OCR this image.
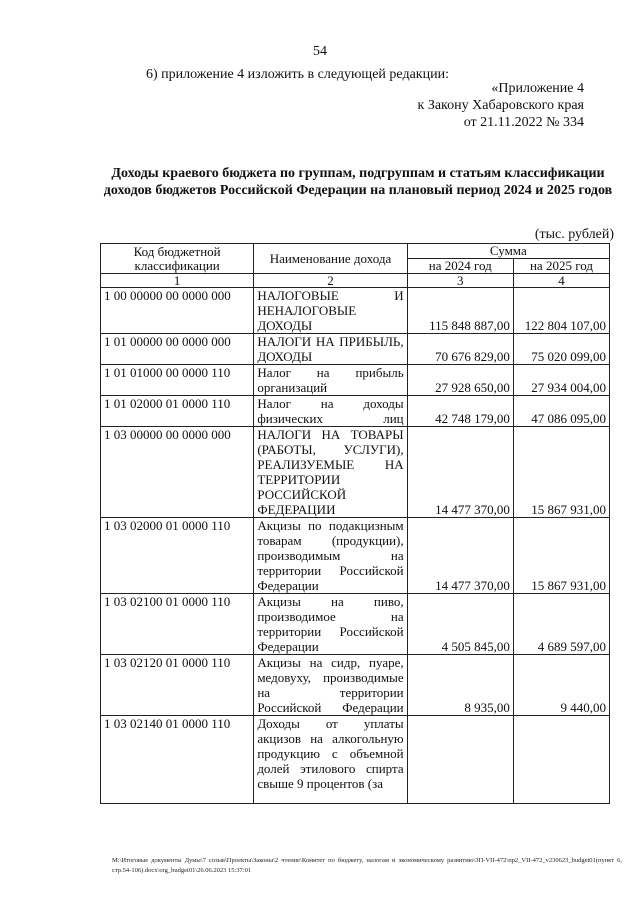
54
6) приложение 4 изложить в следующей редакции:
«Приложение 4
к Закону Хабаровского края
от 21.11.2022 № 334
Доходы краевого бюджета по группам, подгруппам и статьям классификации доходов бюджетов Российской Федерации на плановый период 2024 и 2025 годов
(тыс. рублей)
Код бюджетной классификации	Наименование дохода	Сумма	
		на 2024 год	на 2025 год
1	2	3	4
1 00 00000 00 0000 000	НАЛОГОВЫЕ И НЕНАЛОГОВЫЕ ДОХОДЫ	115 848 887,00	122 804 107,00
1 01 00000 00 0000 000	НАЛОГИ НА ПРИБЫЛЬ, ДОХОДЫ	70 676 829,00	75 020 099,00
1 01 01000 00 0000 110	Налог на прибыль организаций	27 928 650,00	27 934 004,00
1 01 02000 01 0000 110	Налог на доходы физических лиц	42 748 179,00	47 086 095,00
1 03 00000 00 0000 000	НАЛОГИ НА ТОВАРЫ (РАБОТЫ, УСЛУГИ), РЕАЛИЗУЕМЫЕ НА ТЕРРИТОРИИ РОССИЙСКОЙ ФЕДЕРАЦИИ	14 477 370,00	15 867 931,00
1 03 02000 01 0000 110	Акцизы по подакцизным товарам (продукции), производимым на территории Российской Федерации	14 477 370,00	15 867 931,00
1 03 02100 01 0000 110	Акцизы на пиво, производимое на территории Российской Федерации	4 505 845,00	4 689 597,00
1 03 02120 01 0000 110	Акцизы на сидр, пуаре, медовуху, производимые на территории Российской Федерации	8 935,00	9 440,00
1 03 02140 01 0000 110	Доходы от уплаты акцизов на алкогольную продукцию с объемной долей этилового спирта свыше 9 процентов (за		
M:\Итоговые документы Думы\7 созыв\Проекты\Законы\2 чтение\Комитет по бюджету, налогам и экономическому развитию\ЗП-VII-472\пр2_VII-472_v230623_budget01(пункт 6, стр.54-106).docx\org_budget01\26.06.2023 15:37:01
